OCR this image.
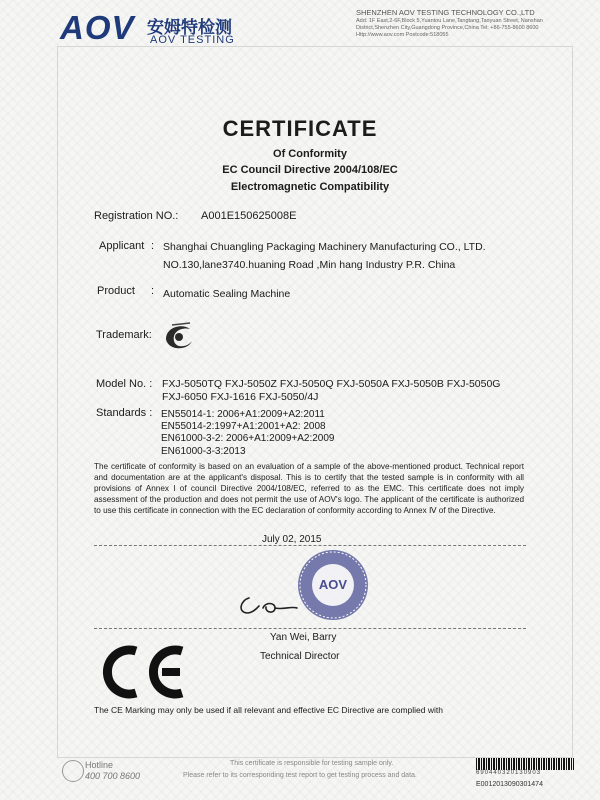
AOV 安姆特检测
AOV TESTING
SHENZHEN AOV TESTING TECHNOLOGY CO.,LTD
Add: 1F East,2-6F,Block 5,Yuantou Lane,Tangtang,Taoyuan Street, Nanshan District,Shenzhen City,Guangdong Province,China Tel: +86-755-8600 8600 Http://www.aov.com Postcode:518055
CERTIFICATE
Of Conformity
EC Council Directive 2004/108/EC
Electromagnetic Compatibility
Registration NO.: A001E150625008E
Applicant : Shanghai Chuangling Packaging Machinery Manufacturing CO., LTD.
NO.130,lane3740.huaning Road ,Min hang Industry P.R. China
Product : Automatic Sealing Machine
Trademark:
Model No. : FXJ-5050TQ FXJ-5050Z FXJ-5050Q FXJ-5050A FXJ-5050B FXJ-5050G
FXJ-6050 FXJ-1616 FXJ-5050/4J
Standards : EN55014-1: 2006+A1:2009+A2:2011
EN55014-2:1997+A1:2001+A2: 2008
EN61000-3-2: 2006+A1:2009+A2:2009
EN61000-3-3:2013
The certificate of conformity is based on an evaluation of a sample of the above-mentioned product. Technical report and documentation are at the applicant's disposal. This is to certify that the tested sample is in conformity with all provisions of Annex I of council Directive 2004/108/EC, referred to as the EMC. This certificate does not imply assessment of the production and does not permit the use of AOV's logo. The applicant of the certificate is authorized to use this certificate in connection with the EC declaration of conformity according to Annex Ⅳ of the Directive.
July 02, 2015
AOV
Yan Wei, Barry
Technical Director
The CE Marking may only be used if all relevant and effective EC Directive are complied with
Hotline
400 700 8600
This certificate is responsible for testing sample only.
Please refer to its corresponding test report to get testing process and data.	690440320130903
E0012013090301474
